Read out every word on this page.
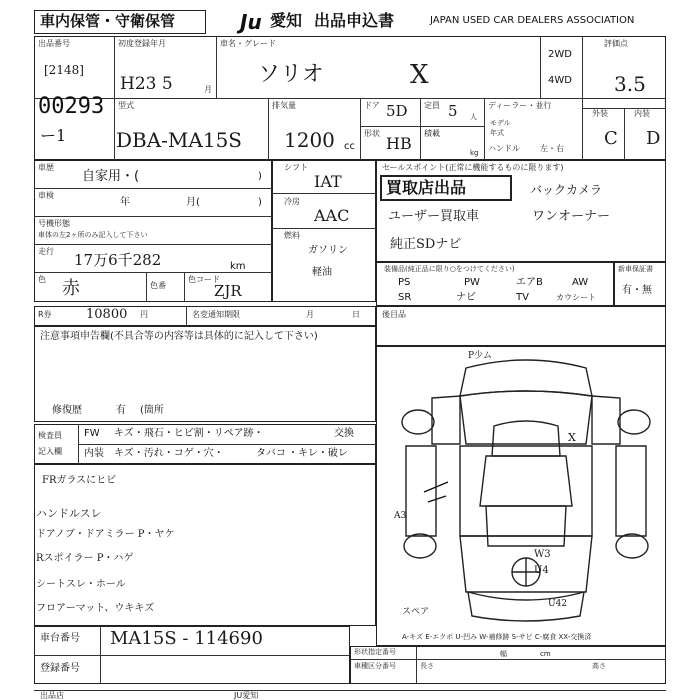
車内保管・守衛保管	Ju 愛知 出品申込書	JAPAN USED CAR DEALERS ASSOCIATION
出品番号
[2148]
00293
ー1
初度登録年月
H23 5	月
車名・グレード
ソリオ	X
2WD
4WD
評価点
3.5
外装	内装
C D
型式
DBA-MA15S
排気量
1200 cc
ドア 5D 定員 5 人
形状
HB
積載
kg
ディーラー・並行
モデル
年式
ハンドル	左・右
車歴
自家用・(	)
車検
年	月(	)
号機形態
車体の左2ヶ所のみ記入して下さい
走行 17万6千282	km
色 赤	色番
色コード
ZJR
シフト
IAT
冷房
AAC
燃料
ガソリン
軽油
セールスポイント(正常に機能するものに限ります)
買取店出品	バックカメラ
ユーザー買取車	ワンオーナー
純正SDナビ
装備品(純正品に限り○をつけてください)
PS	PW	エアB	AW
SR	ナビ	TV	カウシート
新車保証書
有・無
R券	10800 円	名変通知期限	月	日	後目品
注意事項申告欄(不具合等の内容等は具体的に記入して下さい)
修復歴	有 (箇所
検査員
記入欄
FW キズ・飛石・ヒビ割・リペア跡・	交換
内装 キズ・汚れ・コゲ・穴・	タバコ ・キレ・破レ
FRガラスにヒビ
ハンドルスレ
ドアノブ・ドアミラー P・ヤケ
Rスポイラー P・ハゲ
シートスレ・ホール
フロアーマット、ウキキズ
P少ム
X
A3
W3
U4
スペア
U42
A-キズ E-エクボ U-凹み W-補修跡 S-サビ C-腐食 XX-交換済
車台番号 MA15S - 114690
登録番号
形状指定番号
車種区分番号	長さ
幅
高さ
cm
出品店	JU愛知
